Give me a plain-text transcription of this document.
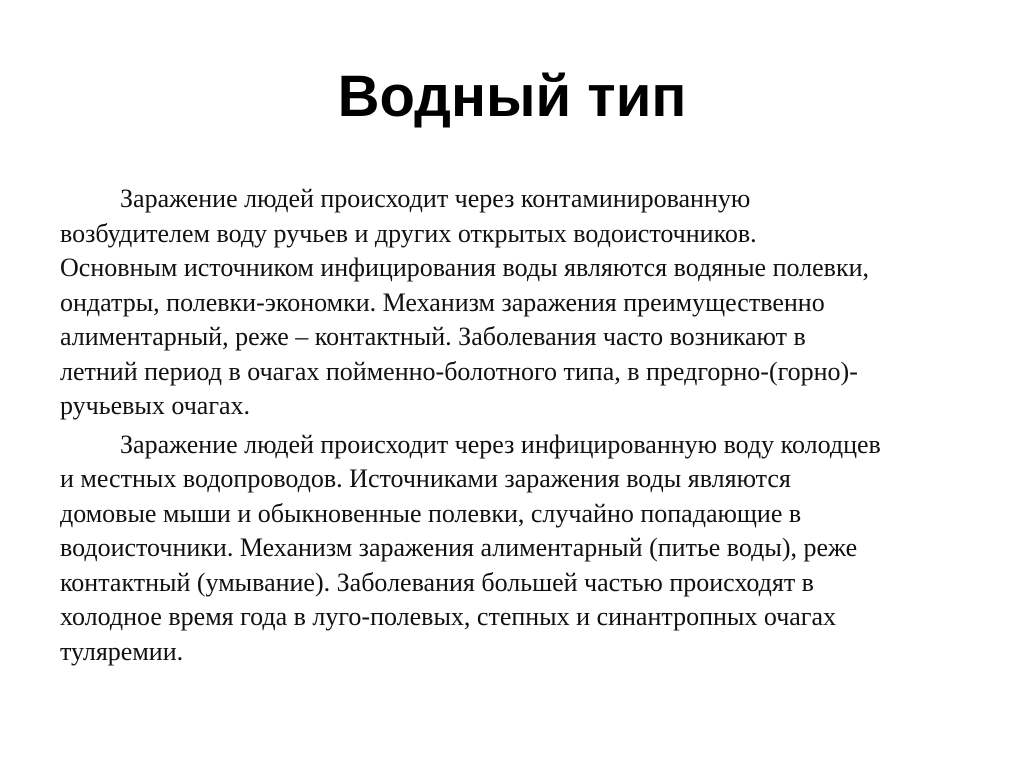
Водный тип

Заражение людей происходит через контаминированную
возбудителем воду ручьев и других открытых водоисточников.
Основным источником инфицирования воды являются водяные полевки,
ондатры, полевки-экономки. Механизм заражения преимущественно
алиментарный, реже – контактный. Заболевания часто возникают в
летний период в очагах пойменно-болотного типа, в предгорно-(горно)-
ручьевых очагах.

Заражение людей происходит через инфицированную воду колодцев
и местных водопроводов. Источниками заражения воды являются
домовые мыши и обыкновенные полевки, случайно попадающие в
водоисточники. Механизм заражения алиментарный (питье воды), реже
контактный (умывание). Заболевания большей частью происходят в
холодное время года в луго-полевых, степных и синантропных очагах
туляремии.
